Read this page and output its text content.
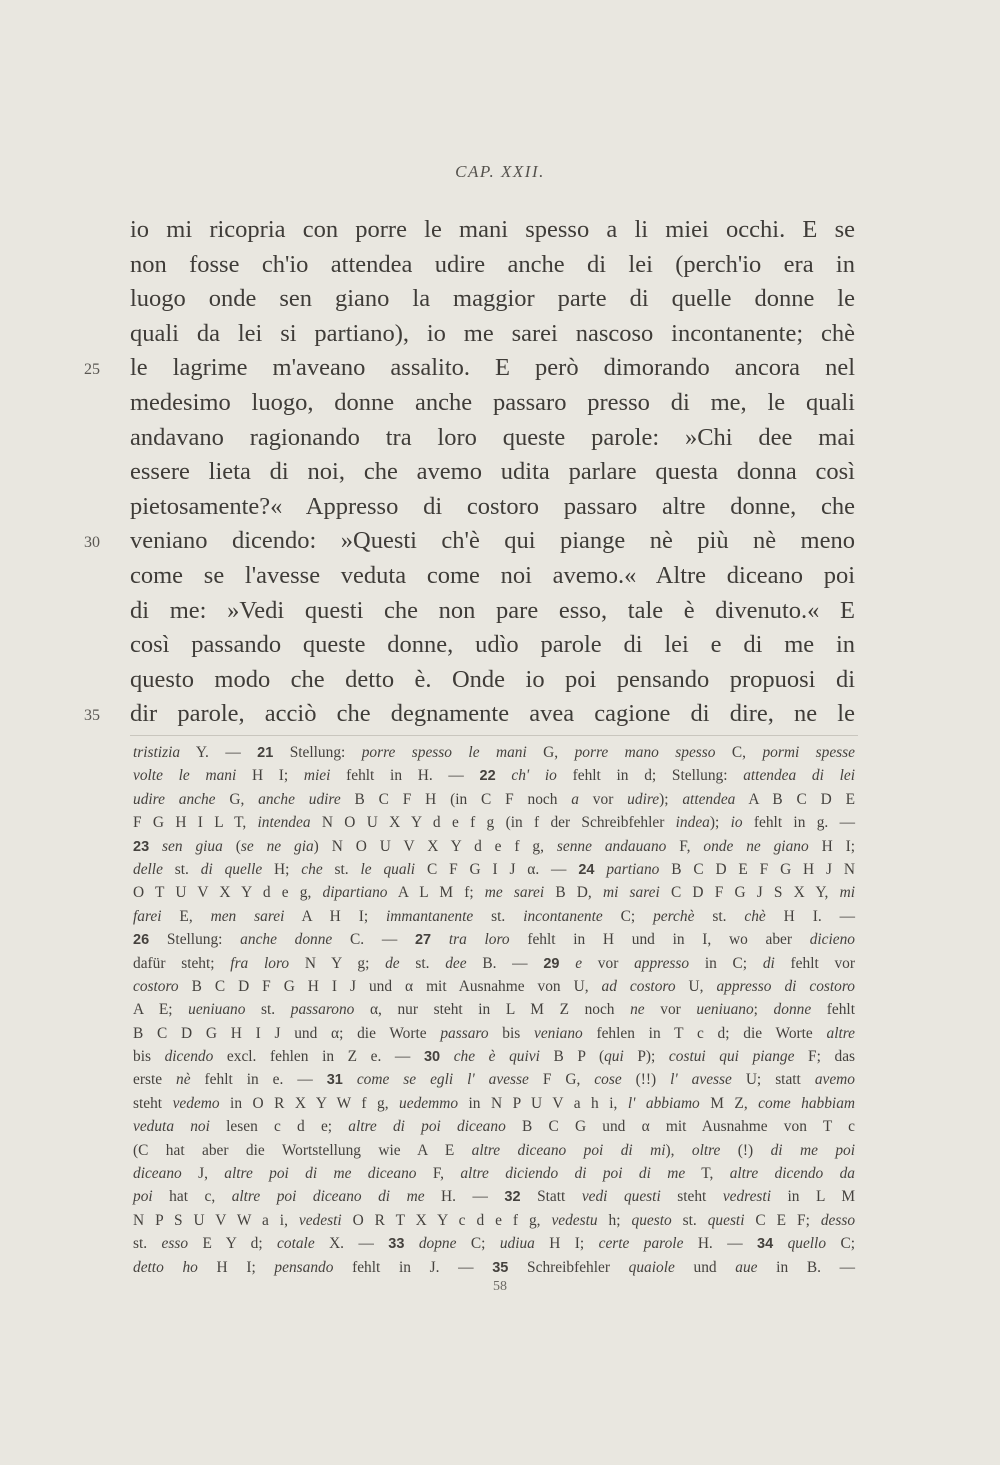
CAP. XXII.
io mi ricopria con porre le mani spesso a li miei occhi. E se
non fosse ch'io attendea udire anche di lei (perch'io era in
luogo onde sen giano la maggior parte di quelle donne le
quali da lei si partiano), io me sarei nascoso incontanente; chè
25 le lagrime m'aveano assalito. E però dimorando ancora nel
medesimo luogo, donne anche passaro presso di me, le quali
andavano ragionando tra loro queste parole: »Chi dee mai
essere lieta di noi, che avemo udita parlare questa donna così
pietosamente?« Appresso di costoro passaro altre donne, che
30 veniano dicendo: »Questi ch'è qui piange nè più nè meno
come se l'avesse veduta come noi avemo.« Altre diceano poi
di me: »Vedi questi che non pare esso, tale è divenuto.« E
così passando queste donne, udìo parole di lei e di me in
questo modo che detto è. Onde io poi pensando propuosi di
35 dir parole, acciò che degnamente avea cagione di dire, ne le
tristizia Y. — 21 Stellung: porre spesso le mani G, porre mano spesso C, pormi spesse
volte le mani H I; miei fehlt in H. — 22 ch' io fehlt in d; Stellung: attendea di lei
udire anche G, anche udire B C F H (in C F noch a vor udire); attendea A B C D E
F G H I L T, intendea N O U X Y d e f g (in f der Schreibfehler indea); io fehlt in g. —
23 sen giua (se ne gia) N O U V X Y d e f g, senne andauano F, onde ne giano H I;
delle st. di quelle H; che st. le quali C F G I J α. — 24 partiano B C D E F G H J N
O T U V X Y d e g, dipartiano A L M f; me sarei B D, mi sarei C D F G J S X Y, mi
farei E, men sarei A H I; immantanente st. incontanente C; perchè st. chè H I. —
26 Stellung: anche donne C. — 27 tra loro fehlt in H und in I, wo aber dicieno
dafür steht; fra loro N Y g; de st. dee B. — 29 e vor appresso in C; di fehlt vor
costoro B C D F G H I J und α mit Ausnahme von U, ad costoro U, appresso di costoro
A E; ueniuano st. passarono α, nur steht in L M Z noch ne vor ueniuano; donne fehlt
B C D G H I J und α; die Worte passaro bis veniano fehlen in T c d; die Worte altre
bis dicendo excl. fehlen in Z e. — 30 che è quivi B P (qui P); costui qui piange F; das
erste nè fehlt in e. — 31 come se egli l' avesse F G, cose (!!) l' avesse U; statt avemo
steht vedemo in O R X Y W f g, uedemmo in N P U V a h i, l' abbiamo M Z, come habbiam
veduta noi lesen c d e; altre di poi diceano B C G und α mit Ausnahme von T c
(C hat aber die Wortstellung wie A E altre diceano poi di mi), oltre (!) di me poi
diceano J, altre poi di me diceano F, altre diciendo di poi di me T, altre dicendo da
poi hat c, altre poi diceano di me H. — 32 Statt vedi questi steht vedresti in L M
N P S U V W a i, vedesti O R T X Y c d e f g, vedestu h; questo st. questi C E F; desso
st. esso E Y d; cotale X. — 33 dopne C; udiua H I; certe parole H. — 34 quello C;
detto ho H I; pensando fehlt in J. — 35 Schreibfehler quaiole und aue in B. —
58
